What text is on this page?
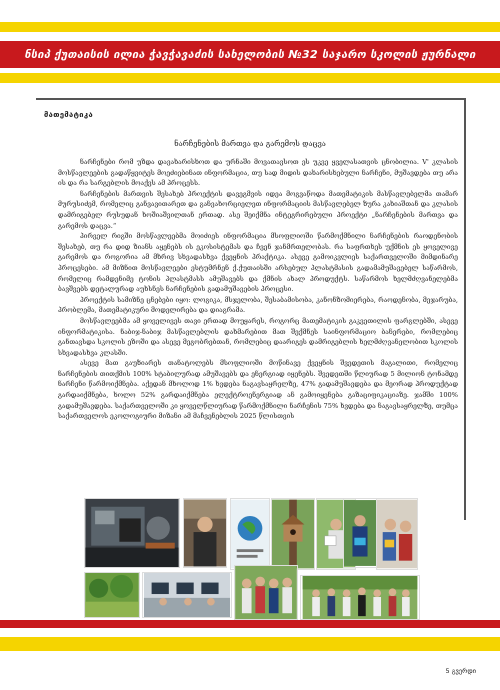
ნსიპ ქუთაისის ილია ჭავჭავაძის სახელობის №32 საჯარო სკოლის ჟურნალი
მათემატიკა
ნარჩენების მართვა და გარემოს დაცვა

ნარჩენები რომ უზდა დავახარისხოთ და ურნაში მოვათავსოთ ეს უკვე ყველასათვის ცნობილია. V' კლასის მოსწავლეების გადაწყვიტეს მოეძიებინათ ინფორმაცია, თუ სად მიდის დახარისხებული ნარჩენი, მუშავდება თუ არა ის და რა სარგებლის მოაქვს ამ პროცესს.

ნარჩენების მართვის შესახებ პროექტის დავეგმვის იდეა მოგვაწოდა მათემატიკის მასწავლებელმა თამარ მურუსიძემ, რომელიც განვავითარეთ და განვახორციელეთ ინფორმაციის მასწავლებელ ზურა კახიაშთან და კლასის დამრიგებელ რუსუდან ხოშიაშვილთან ერთად. ასე შეიქმნა ინტეგრირებული პროექტი „ნარჩენების მართვა და გარემოს დაცვა.“

პირველ რიგში მოსწავლეებმა მოიძიეს ინფორმაცია მსოფლიოში წარმოქმნილი ნარჩენების რაოდენობის შესახებ, თუ რა დიდ ზიანს აყენებს ის ეკოსისტემას და ჩვენ ჯანმრთელობას. რა საფრთხეს უქმნის ეს ყოველივე გარემოს და როგორია ამ მხრივ სხვადასხვა ქვეყნის პრაქტიკა. ასევე გამოიკვლიეს საქართველოში მიმდინარე პროცესები. ამ მიზნით მოსწავლეები ესტუმრნენ ქ.ქუთაისში არსებულ პლასტმასის გადამამუშავებელ საწარმოს, რომელიც რამდენიმე ტონის პლასტმასს ამუშავებს და ქმნის ახალ პროდუქტს. საწარმოს ხელმძღვანელებმა ბავშვებს დეტალურად აუხსნეს ნარჩენების გადამუშავების პროცესი.

პროექტის სამიზნე ცნებები იყო: ლოგიკა, მსჯელობა, შესაბამისობა, კანონზომიერება, რაოდენობა, მეჯარუბა, პრობლემა, მათემატიკური მოდელირება და დიაგრამა.

მოსწავლეებმა ამ ყოველივეს თავი ერთად მოუყარეს, როგორც მათემატიკის გაკვეთილის ფარგლებში, ასევე ინფორმატიკისა. ნაბიჯ-ნაბიჯ მასწავლებლის დახმარებით მათ შექმნეს საინფორმაციო ბანერები, რომლებიც განთავსდა სკოლის ეზოში და ასევე მეგობრებთან, რომლებიც დაარიგეს დამრიგებლის ხელმძღვანელობით სკოლის სხვადასხვა კლასში.

ასევე მათ გაუზიარეს თანატოლებს მსოფლიოში მოწინავე ქვეყნის შვედეთის მაგალითი, რომელიც ნარჩენების თითქმის 100% სტაბილურად ამუშავებს და ენერგიად იყენებს. შვედეთში წლიურად 5 მილიონ ტონამდე ნარჩენი წარმოიქმნება. აქედან მხოლოდ 1% ხვდება ნაგავსაყრელზე, 47% გადამუშავდება და მეორად პროდუქტად გარდაიქმნება, ხოლო 52% გარდაიქმნება ელექტროენერგიად ან გამოიყენება გაზაციფიკაციაზე. ჯამში 100% გადამუშავდება. საქართველოში კი ყოველწლიურად წარმოქმნილი ნარჩენის 75% ხვდება და ნაგავსაყრელზე, თუმცა საქართველოს ეკოლოგიური მიზანი ამ მაჩვენებლის 2025 წლისთვის

5 გვერდი
